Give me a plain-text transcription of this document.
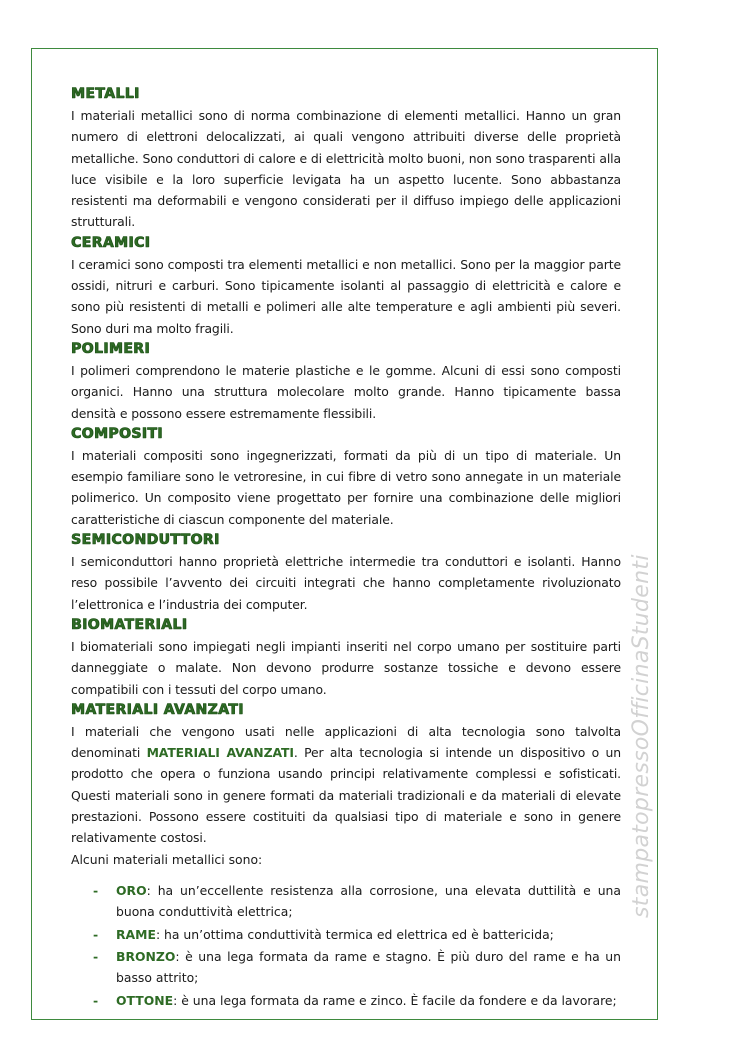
METALLI

I materiali metallici sono di norma combinazione di elementi metallici. Hanno un gran numero di elettroni delocalizzati, ai quali vengono attribuiti diverse delle proprietà metalliche. Sono conduttori di calore e di elettricità molto buoni, non sono trasparenti alla luce visibile e la loro superficie levigata ha un aspetto lucente. Sono abbastanza resistenti ma deformabili e vengono considerati per il diffuso impiego delle applicazioni strutturali.

CERAMICI

I ceramici sono composti tra elementi metallici e non metallici. Sono per la maggior parte ossidi, nitruri e carburi. Sono tipicamente isolanti al passaggio di elettricità e calore e sono più resistenti di metalli e polimeri alle alte temperature e agli ambienti più severi. Sono duri ma molto fragili.

POLIMERI

I polimeri comprendono le materie plastiche e le gomme. Alcuni di essi sono composti organici. Hanno una struttura molecolare molto grande. Hanno tipicamente bassa densità e possono essere estremamente flessibili.

COMPOSITI

I materiali compositi sono ingegnerizzati, formati da più di un tipo di materiale. Un esempio familiare sono le vetroresine, in cui fibre di vetro sono annegate in un materiale polimerico. Un composito viene progettato per fornire una combinazione delle migliori caratteristiche di ciascun componente del materiale.

SEMICONDUTTORI

I semiconduttori hanno proprietà elettriche intermedie tra conduttori e isolanti. Hanno reso possibile l’avvento dei circuiti integrati che hanno completamente rivoluzionato l’elettronica e l’industria dei computer.

BIOMATERIALI

I biomateriali sono impiegati negli impianti inseriti nel corpo umano per sostituire parti danneggiate o malate. Non devono produrre sostanze tossiche e devono essere compatibili con i tessuti del corpo umano.

MATERIALI AVANZATI

I materiali che vengono usati nelle applicazioni di alta tecnologia sono talvolta denominati MATERIALI AVANZATI. Per alta tecnologia si intende un dispositivo o un prodotto che opera o funziona usando principi relativamente complessi e sofisticati. Questi materiali sono in genere formati da materiali tradizionali e da materiali di elevate prestazioni. Possono essere costituiti da qualsiasi tipo di materiale e sono in genere relativamente costosi.

Alcuni materiali metallici sono:

- ORO: ha un’eccellente resistenza alla corrosione, una elevata duttilità e una buona conduttività elettrica;
- RAME: ha un’ottima conduttività termica ed elettrica ed è battericida;
- BRONZO: è una lega formata da rame e stagno. È più duro del rame e ha un basso attrito;
- OTTONE: è una lega formata da rame e zinco. È facile da fondere e da lavorare;
stampatopressoOfficinaStudenti
